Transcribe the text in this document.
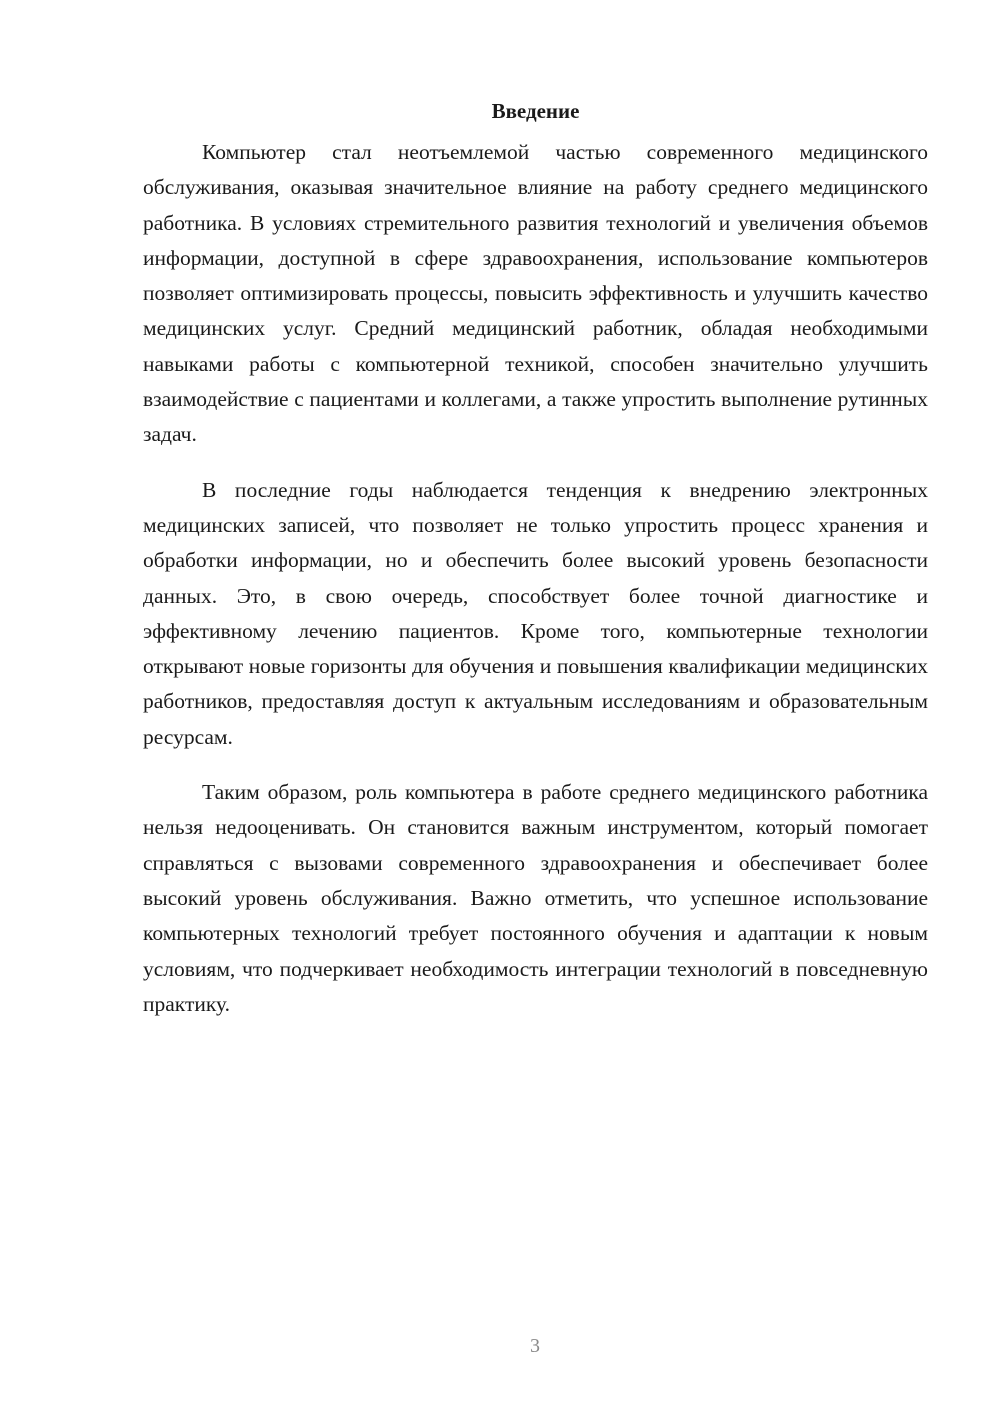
Введение

Компьютер стал неотъемлемой частью современного медицинского обслуживания, оказывая значительное влияние на работу среднего медицинского работника. В условиях стремительного развития технологий и увеличения объемов информации, доступной в сфере здравоохранения, использование компьютеров позволяет оптимизировать процессы, повысить эффективность и улучшить качество медицинских услуг. Средний медицинский работник, обладая необходимыми навыками работы с компьютерной техникой, способен значительно улучшить взаимодействие с пациентами и коллегами, а также упростить выполнение рутинных задач.

В последние годы наблюдается тенденция к внедрению электронных медицинских записей, что позволяет не только упростить процесс хранения и обработки информации, но и обеспечить более высокий уровень безопасности данных. Это, в свою очередь, способствует более точной диагностике и эффективному лечению пациентов. Кроме того, компьютерные технологии открывают новые горизонты для обучения и повышения квалификации медицинских работников, предоставляя доступ к актуальным исследованиям и образовательным ресурсам.

Таким образом, роль компьютера в работе среднего медицинского работника нельзя недооценивать. Он становится важным инструментом, который помогает справляться с вызовами современного здравоохранения и обеспечивает более высокий уровень обслуживания. Важно отметить, что успешное использование компьютерных технологий требует постоянного обучения и адаптации к новым условиям, что подчеркивает необходимость интеграции технологий в повседневную практику.

3
